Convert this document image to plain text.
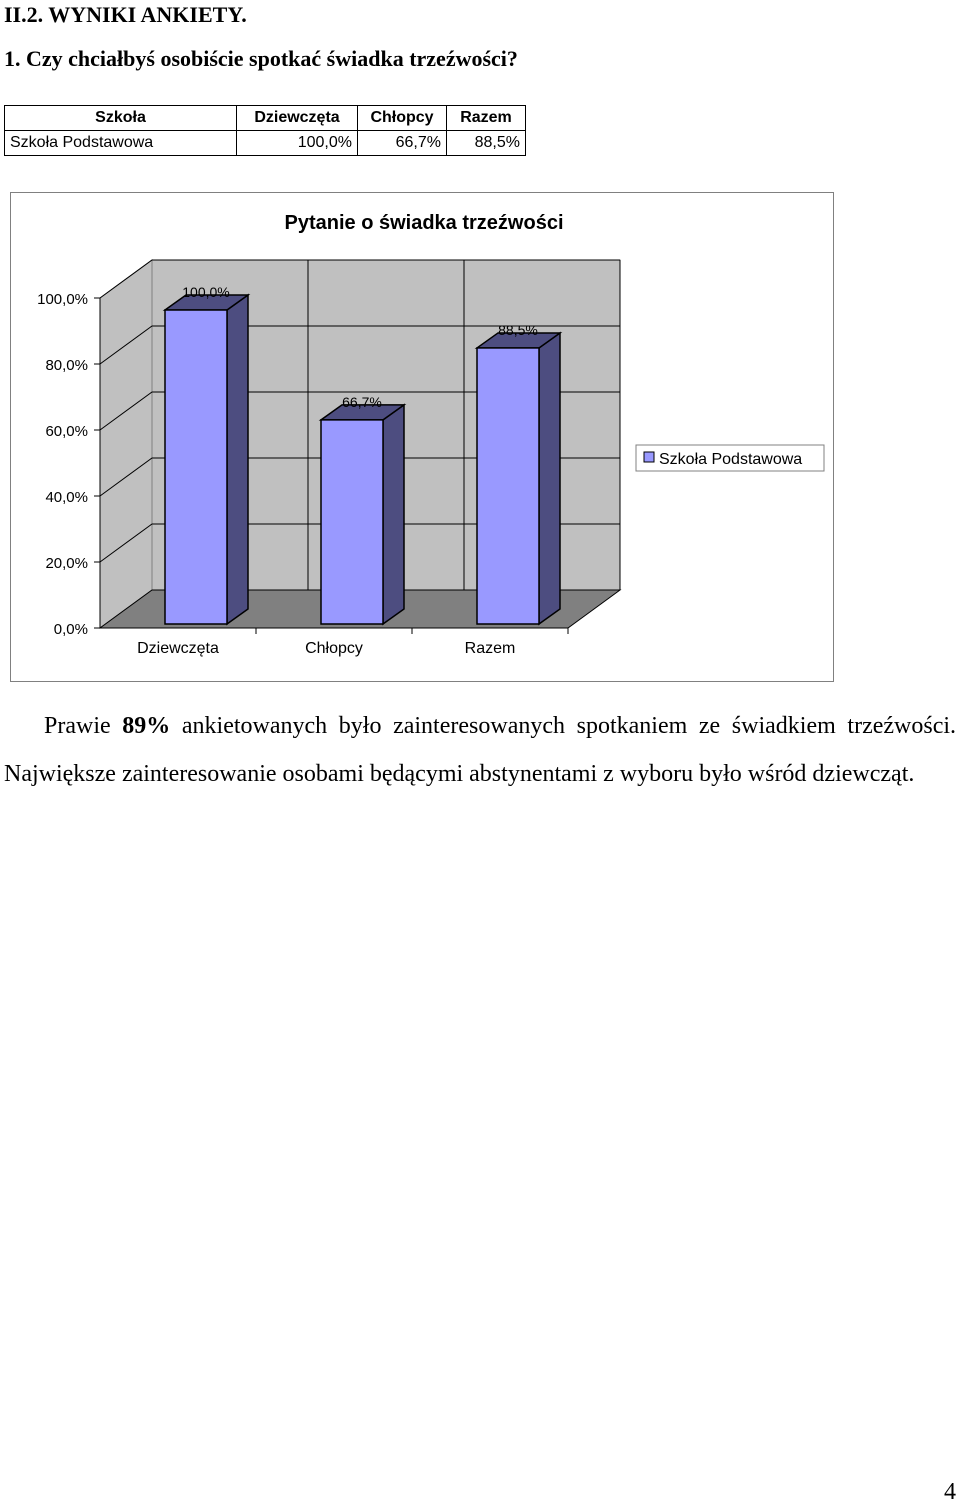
II.2. WYNIKI ANKIETY.
1. Czy chciałbyś osobiście spotkać świadka trzeźwości?
Szkoła	Dziewczęta	Chłopcy	Razem
Szkoła Podstawowa	100,0%	66,7%	88,5%
Pytanie o świadka trzeźwości
0,0%
20,0%
40,0%
60,0%
80,0%
100,0%	100,0%
Dziewczęta
66,7%
Chłopcy
88,5%
Razem
Szkoła Podstawowa
Prawie 89% ankietowanych było zainteresowanych spotkaniem ze świadkiem trzeźwości. Największe zainteresowanie osobami będącymi abstynentami z wyboru było wśród dziewcząt.
4
